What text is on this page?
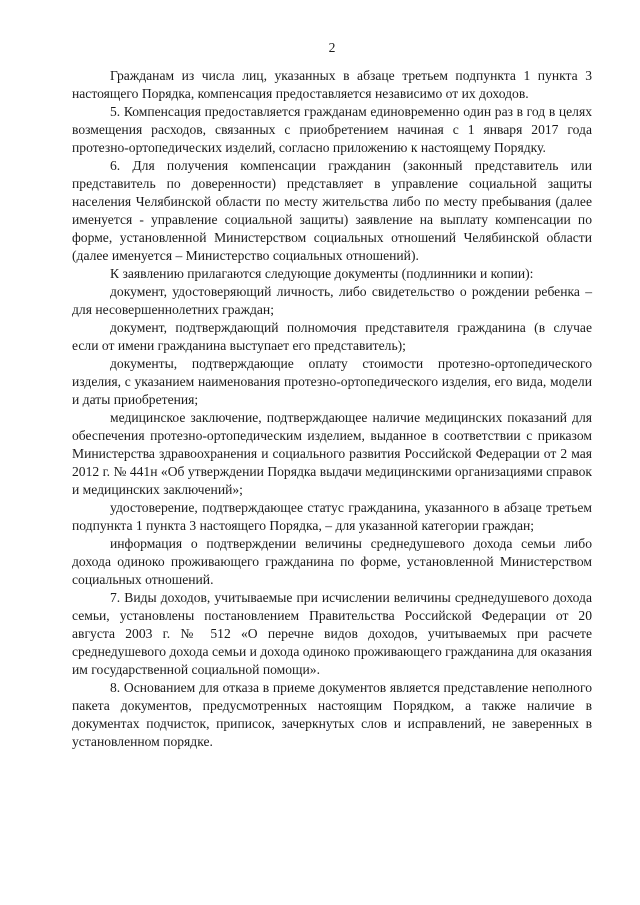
2

Гражданам из числа лиц, указанных в абзаце третьем подпункта 1 пункта 3 настоящего Порядка, компенсация предоставляется независимо от их доходов.

5. Компенсация предоставляется гражданам единовременно один раз в год в целях возмещения расходов, связанных с приобретением начиная с 1 января 2017 года протезно-ортопедических изделий, согласно приложению к настоящему Порядку.

6. Для получения компенсации гражданин (законный представитель или представитель по доверенности) представляет в управление социальной защиты населения Челябинской области по месту жительства либо по месту пребывания (далее именуется - управление социальной защиты) заявление на выплату компенсации по форме, установленной Министерством социальных отношений Челябинской области (далее именуется – Министерство социальных отношений).

К заявлению прилагаются следующие документы (подлинники и копии):

документ, удостоверяющий личность, либо свидетельство о рождении ребенка – для несовершеннолетних граждан;

документ, подтверждающий полномочия представителя гражданина (в случае если от имени гражданина выступает его представитель);

документы, подтверждающие оплату стоимости протезно-ортопедического изделия, с указанием наименования протезно-ортопедического изделия, его вида, модели и даты приобретения;

медицинское заключение, подтверждающее наличие медицинских показаний для обеспечения протезно-ортопедическим изделием, выданное в соответствии с приказом Министерства здравоохранения и социального развития Российской Федерации от 2 мая 2012 г. № 441н «Об утверждении Порядка выдачи медицинскими организациями справок и медицинских заключений»;

удостоверение, подтверждающее статус гражданина, указанного в абзаце третьем подпункта 1 пункта 3 настоящего Порядка, – для указанной категории граждан;

информация о подтверждении величины среднедушевого дохода семьи либо дохода одиноко проживающего гражданина по форме, установленной Министерством социальных отношений.

7. Виды доходов, учитываемые при исчислении величины среднедушевого дохода семьи, установлены постановлением Правительства Российской Федерации от 20 августа 2003 г. № 512 «О перечне видов доходов, учитываемых при расчете среднедушевого дохода семьи и дохода одиноко проживающего гражданина для оказания им государственной социальной помощи».

8. Основанием для отказа в приеме документов является представление неполного пакета документов, предусмотренных настоящим Порядком, а также наличие в документах подчисток, приписок, зачеркнутых слов и исправлений, не заверенных в установленном порядке.
